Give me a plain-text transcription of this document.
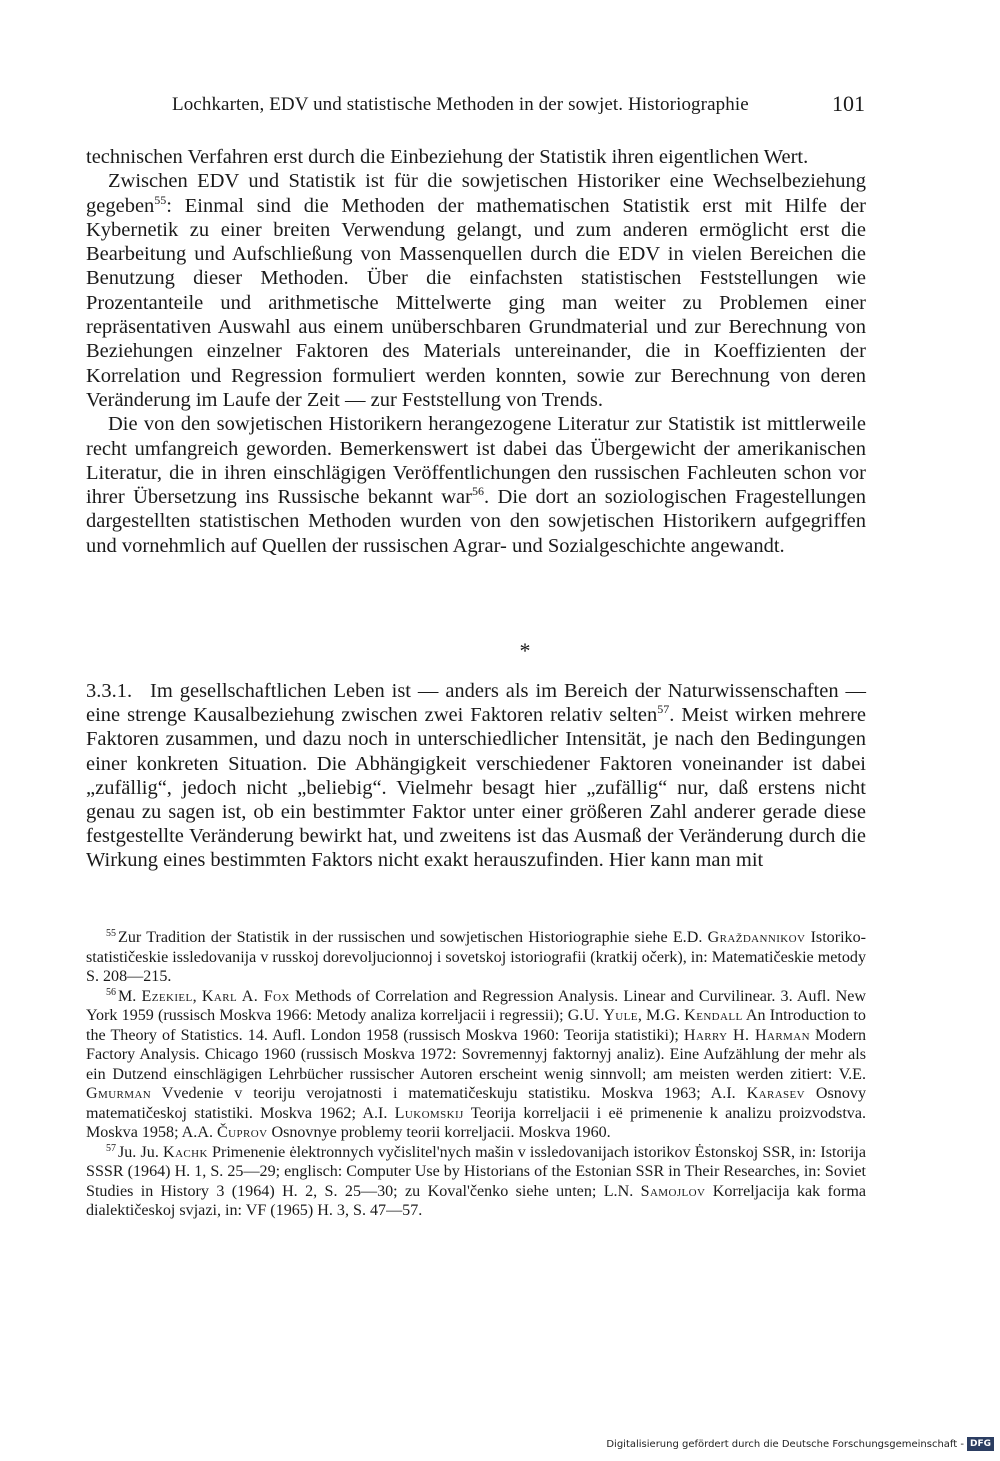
Lochkarten, EDV und statistische Methoden in der sowjet. Historiographie	101

technischen Verfahren erst durch die Einbeziehung der Statistik ihren eigentlichen Wert.

Zwischen EDV und Statistik ist für die sowjetischen Historiker eine Wechselbeziehung gegeben$^{55}$: Einmal sind die Methoden der mathematischen Statistik erst mit Hilfe der Kybernetik zu einer breiten Verwendung gelangt, und zum anderen ermöglicht erst die Bearbeitung und Aufschließung von Massenquellen durch die EDV in vielen Bereichen die Benutzung dieser Methoden. Über die einfachsten statistischen Feststellungen wie Prozentanteile und arithmetische Mittelwerte ging man weiter zu Problemen einer repräsentativen Auswahl aus einem unüberschbaren Grundmaterial und zur Berechnung von Beziehungen einzelner Faktoren des Materials untereinander, die in Koeffizienten der Korrelation und Regression formuliert werden konnten, sowie zur Berechnung von deren Veränderung im Laufe der Zeit — zur Feststellung von Trends.

Die von den sowjetischen Historikern herangezogene Literatur zur Statistik ist mittlerweile recht umfangreich geworden. Bemerkenswert ist dabei das Übergewicht der amerikanischen Literatur, die in ihren einschlägigen Veröffentlichungen den russischen Fachleuten schon vor ihrer Übersetzung ins Russische bekannt war$^{56}$. Die dort an soziologischen Fragestellungen dargestellten statistischen Methoden wurden von den sowjetischen Historikern aufgegriffen und vornehmlich auf Quellen der russischen Agrar- und Sozialgeschichte angewandt.

*

3.3.1. Im gesellschaftlichen Leben ist — anders als im Bereich der Naturwissenschaften — eine strenge Kausalbeziehung zwischen zwei Faktoren relativ selten$^{57}$. Meist wirken mehrere Faktoren zusammen, und dazu noch in unterschiedlicher Intensität, je nach den Bedingungen einer konkreten Situation. Die Abhängigkeit verschiedener Faktoren voneinander ist dabei „zufällig“, jedoch nicht „beliebig“. Vielmehr besagt hier „zufällig“ nur, daß erstens nicht genau zu sagen ist, ob ein bestimmter Faktor unter einer größeren Zahl anderer gerade diese festgestellte Veränderung bewirkt hat, und zweitens ist das Ausmaß der Veränderung durch die Wirkung eines bestimmten Faktors nicht exakt herauszufinden. Hier kann man mit

$^{55}$ Zur Tradition der Statistik in der russischen und sowjetischen Historiographie siehe E.D. Graždannikov Istoriko-statističeskie issledovanija v russkoj dorevoljucionnoj i sovetskoj istoriografii (kratkij očerk), in: Matematičeskie metody S. 208—215.

$^{56}$ M. Ezekiel, Karl A. Fox Methods of Correlation and Regression Analysis. Linear and Curvilinear. 3. Aufl. New York 1959 (russisch Moskva 1966: Metody analiza korreljacii i regressii); G.U. Yule, M.G. Kendall An Introduction to the Theory of Statistics. 14. Aufl. London 1958 (russisch Moskva 1960: Teorija statistiki); Harry H. Harman Modern Factory Analysis. Chicago 1960 (russisch Moskva 1972: Sovremennyj faktornyj analiz). Eine Aufzählung der mehr als ein Dutzend einschlägigen Lehrbücher russischer Autoren erscheint wenig sinnvoll; am meisten werden zitiert: V.E. Gmurman Vvedenie v teoriju verojatnosti i matematičeskuju statistiku. Moskva 1963; A.I. Karasev Osnovy matematičeskoj statistiki. Moskva 1962; A.I. Lukomskij Teorija korreljacii i eë primenenie k analizu proizvodstva. Moskva 1958; A.A. Čuprov Osnovnye problemy teorii korreljacii. Moskva 1960.

$^{57}$ Ju. Ju. Kachk Primenenie ėlektronnych vyčislitel'nych mašin v issledovanijach istorikov Ėstonskoj SSR, in: Istorija SSSR (1964) H. 1, S. 25—29; englisch: Computer Use by Historians of the Estonian SSR in Their Researches, in: Soviet Studies in History 3 (1964) H. 2, S. 25—30; zu Koval'čenko siehe unten; L.N. Samojlov Korreljacija kak forma dialektičeskoj svjazi, in: VF (1965) H. 3, S. 47—57.

Digitalisierung gefördert durch die Deutsche Forschungsgemeinschaft - DFG
